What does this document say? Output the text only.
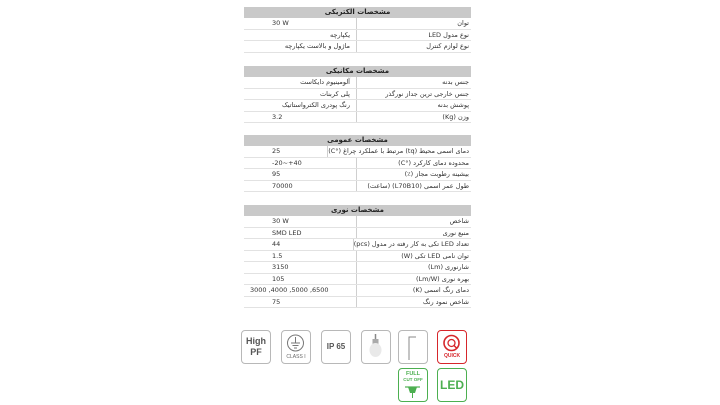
مشخصات الکتریکی
30 W	توان
یکپارچه	نوع مدول LED
ماژول و بالاست یکپارچه	نوع لوازم کنترل
مشخصات مکانیکی
آلومینیوم دایکاست	جنس بدنه
پلی کربنات	جنس خارجی ترین جداز نورگذر
رنگ پودری الکترواستاتیک	پوشش بدنه
3.2	وزن (Kg)
مشخصات عمومی
25	دمای اسمی محیط (tq) مرتبط با عملکرد چراغ (°C)
-20~+40	محدوده دمای کارکرد (°C)
95	بیشینه رطوبت مجاز (٪)
70000	طول عمر اسمی (L70B10) (ساعت)
مشخصات نوری
30 W	شاخص
SMD LED	منبع نوری
44	تعداد LED تکی به کار رفته در مدول (pcs)
1.5	توان نامی LED تکی (W)
3150	شارنوری (Lm)
105	بهره نوری (Lm/W)
3000 ,4000 ,5000 ,6500	دمای رنگ اسمی (K)
75	شاخص نمود رنگ
High
PF	CLASS I
IP 65
QUICK
FULL
CUT OFF	LED
